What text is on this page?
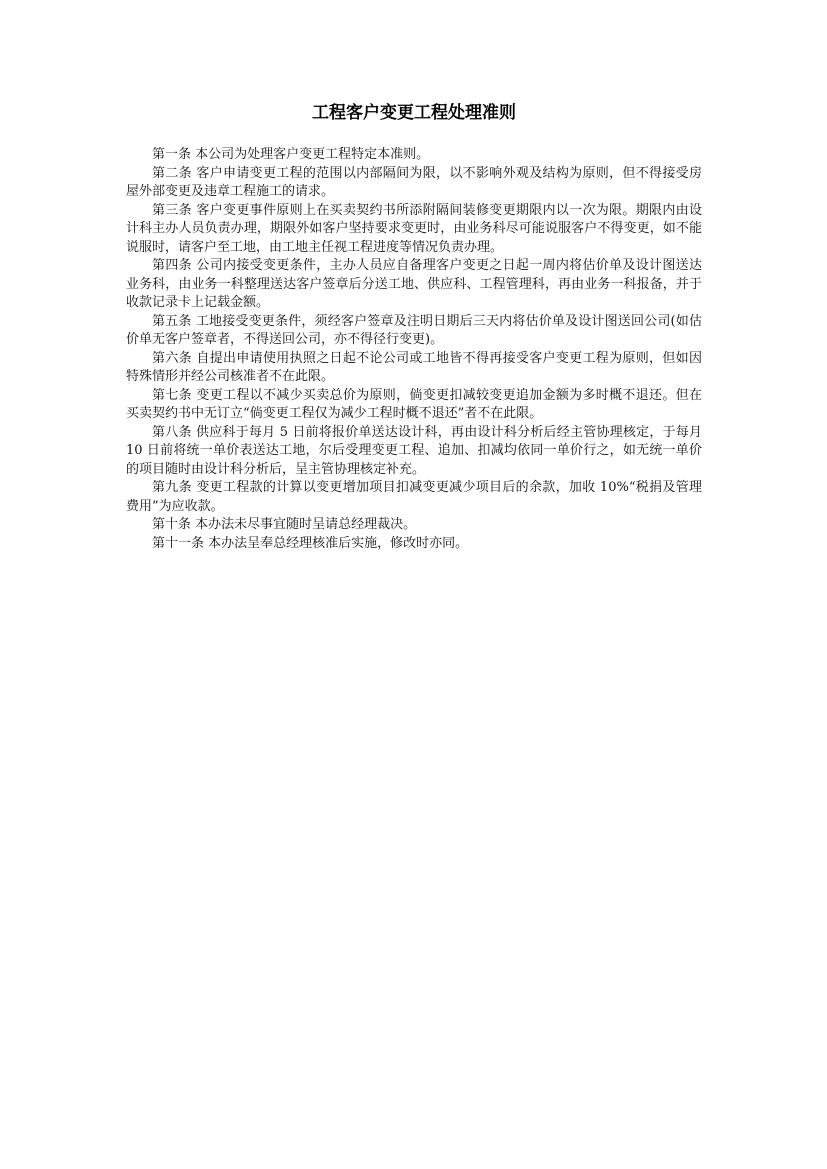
工程客户变更工程处理准则

第一条 本公司为处理客户变更工程特定本准则。

第二条 客户申请变更工程的范围以内部隔间为限，以不影响外观及结构为原则，但不得接受房屋外部变更及违章工程施工的请求。

第三条 客户变更事件原则上在买卖契约书所添附隔间装修变更期限内以一次为限。期限内由设计科主办人员负责办理，期限外如客户坚持要求变更时，由业务科尽可能说服客户不得变更，如不能说服时，请客户至工地，由工地主任视工程进度等情况负责办理。

第四条 公司内接受变更条件，主办人员应自备理客户变更之日起一周内将估价单及设计图送达业务科，由业务一科整理送达客户签章后分送工地、供应科、工程管理科，再由业务一科报备，并于收款记录卡上记载金额。

第五条 工地接受变更条件，须经客户签章及注明日期后三天内将估价单及设计图送回公司(如估价单无客户签章者，不得送回公司，亦不得径行变更)。

第六条 自提出申请使用执照之日起不论公司或工地皆不得再接受客户变更工程为原则，但如因特殊情形并经公司核准者不在此限。

第七条 变更工程以不减少买卖总价为原则，倘变更扣减较变更追加金额为多时概不退还。但在买卖契约书中无订立“倘变更工程仅为减少工程时概不退还”者不在此限。

第八条 供应科于每月 5 日前将报价单送达设计科，再由设计科分析后经主管协理核定，于每月 10 日前将统一单价表送达工地，尔后受理变更工程、追加、扣减均依同一单价行之，如无统一单价的项目随时由设计科分析后，呈主管协理核定补充。

第九条 变更工程款的计算以变更增加项目扣减变更减少项目后的余款，加收 10%“税捐及管理费用”为应收款。

第十条 本办法未尽事宜随时呈请总经理裁决。

第十一条 本办法呈奉总经理核准后实施，修改时亦同。
